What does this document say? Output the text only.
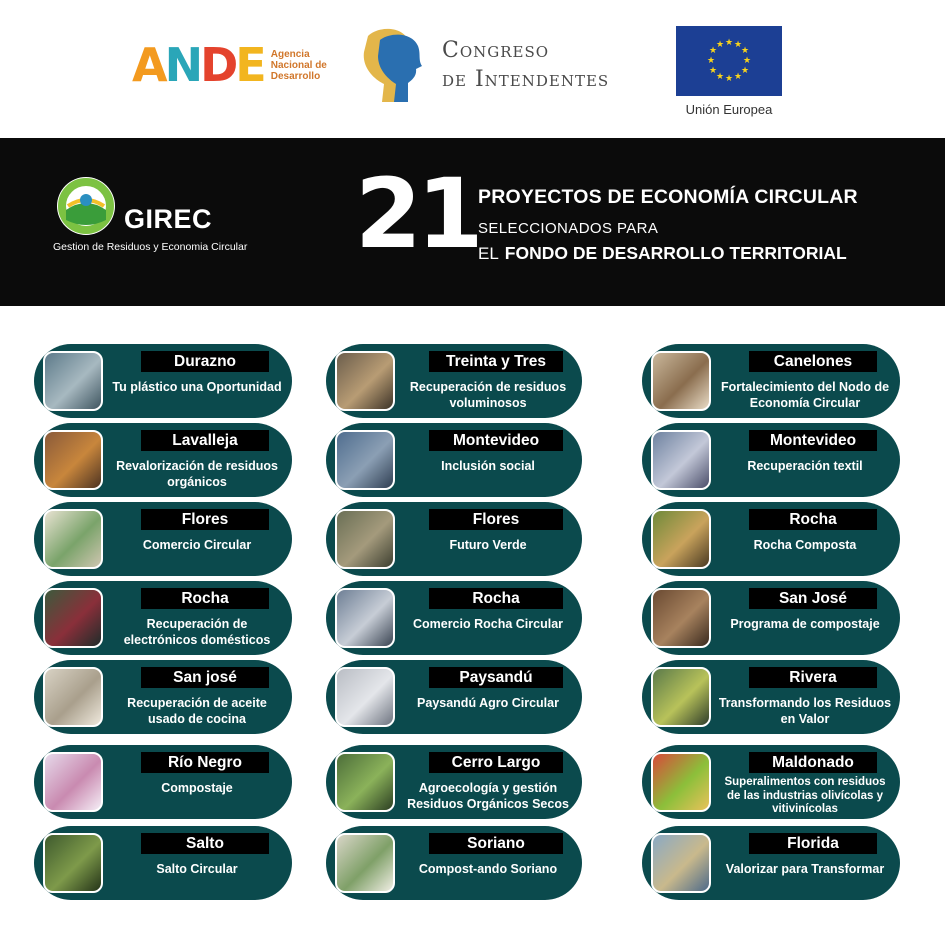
ANDE Agencia
Nacional de
Desarrollo
Congreso
de Intendentes
★ ★
★
★
★
★
★
★
★
★
★
★
Unión Europea
GIREC
Gestion de Residuos y Economia Circular 21 PROYECTOS DE ECONOMÍA CIRCULAR
SELECCIONADOS PARA
EL FONDO DE DESARROLLO TERRITORIAL
Durazno
Tu plástico una Oportunidad
Treinta y Tres
Recuperación de residuos voluminosos
Canelones
Fortalecimiento del Nodo de Economía Circular
Lavalleja
Revalorización de residuos orgánicos
Montevideo
Inclusión social
Montevideo
Recuperación textil
Flores
Comercio Circular
Flores
Futuro Verde
Rocha
Rocha Composta
Rocha
Recuperación de electrónicos domésticos
Rocha
Comercio Rocha Circular
San José
Programa de compostaje
San josé
Recuperación de aceite usado de cocina
Paysandú
Paysandú Agro Circular
Rivera
Transformando los Residuos en Valor
Río Negro
Compostaje
Cerro Largo
Agroecología y gestión Residuos Orgánicos Secos
Maldonado
Superalimentos con residuos de las industrias olivícolas y vitivinícolas
Salto
Salto Circular
Soriano
Compost-ando Soriano
Florida
Valorizar para Transformar
